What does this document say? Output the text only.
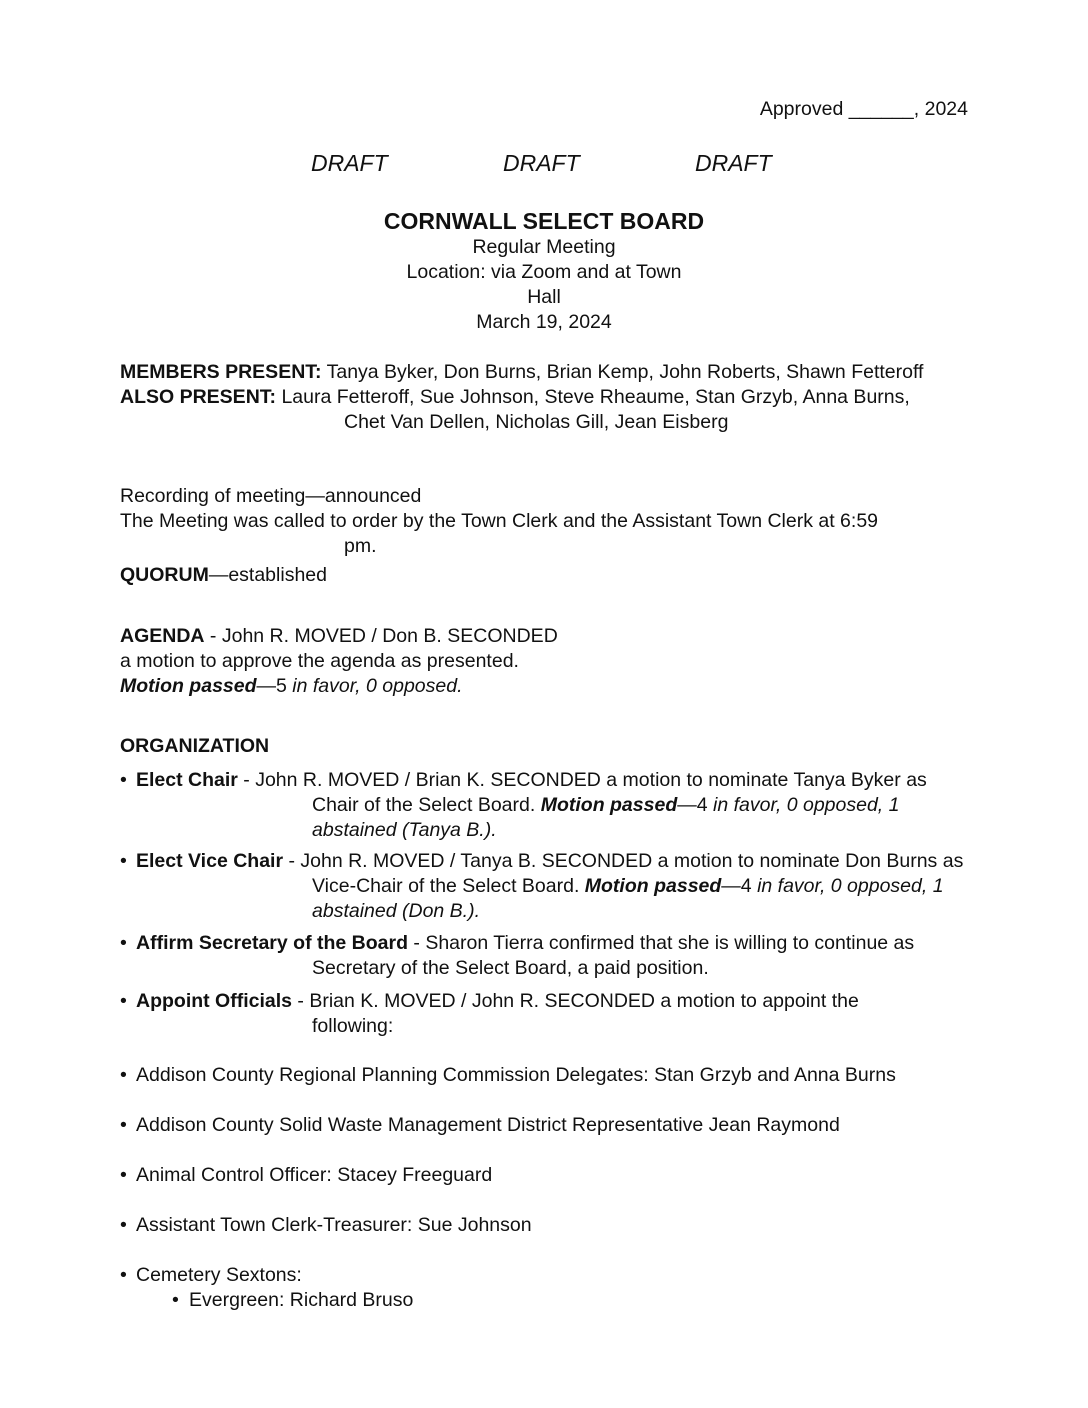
Approved ______, 2024
DRAFT	DRAFT	DRAFT
CORNWALL SELECT BOARD
Regular Meeting
Location: via Zoom and at Town
Hall
March 19, 2024
MEMBERS PRESENT: Tanya Byker, Don Burns, Brian Kemp, John Roberts, Shawn Fetteroff
ALSO PRESENT: Laura Fetteroff, Sue Johnson, Steve Rheaume, Stan Grzyb, Anna Burns, Chet Van Dellen, Nicholas Gill, Jean Eisberg
Recording of meeting—announced
The Meeting was called to order by the Town Clerk and the Assistant Town Clerk at 6:59 pm.
QUORUM—established
AGENDA - John R. MOVED / Don B. SECONDED
a motion to approve the agenda as presented.
Motion passed—5 in favor, 0 opposed.
ORGANIZATION
• Elect Chair - John R. MOVED / Brian K. SECONDED a motion to nominate Tanya Byker as Chair of the Select Board. Motion passed—4 in favor, 0 opposed, 1 abstained (Tanya B.).
• Elect Vice Chair - John R. MOVED / Tanya B. SECONDED a motion to nominate Don Burns as Vice-Chair of the Select Board. Motion passed—4 in favor, 0 opposed, 1 abstained (Don B.).
• Affirm Secretary of the Board - Sharon Tierra confirmed that she is willing to continue as Secretary of the Select Board, a paid position.
• Appoint Officials - Brian K. MOVED / John R. SECONDED a motion to appoint the following:
• Addison County Regional Planning Commission Delegates: Stan Grzyb and Anna Burns
• Addison County Solid Waste Management District Representative Jean Raymond
• Animal Control Officer: Stacey Freeguard
• Assistant Town Clerk-Treasurer: Sue Johnson
• Cemetery Sextons:
• Evergreen: Richard Bruso
